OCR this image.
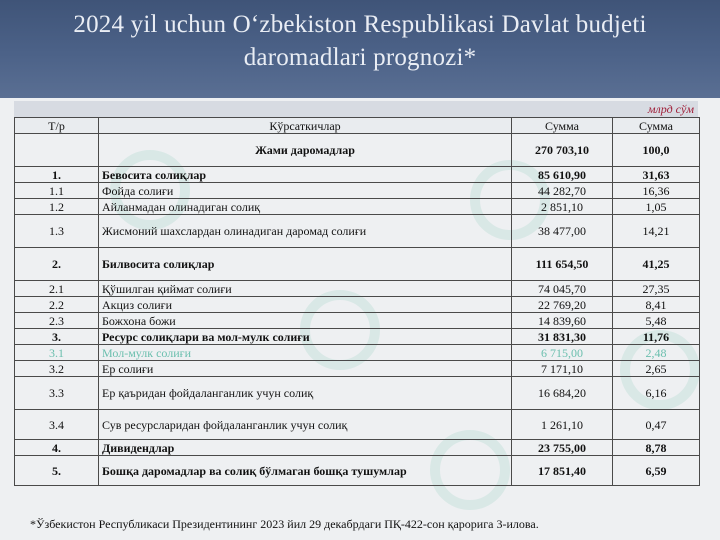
2024 yil uchun O‘zbekiston Respublikasi Davlat budjeti
daromadlari prognozi*
млрд сўм
Т/р	Кўрсаткичлар	Сумма	Сумма
	Жами даромадлар	270 703,10	100,0
1.	Бевосита солиқлар	85 610,90	31,63
1.1	Фойда солиғи	44 282,70	16,36
1.2	Айланмадан олинадиган солиқ	2 851,10	1,05
1.3	Жисмоний шахслардан олинадиган даромад солиғи	38 477,00	14,21
2.	Билвосита солиқлар	111 654,50	41,25
2.1	Қўшилган қиймат солиғи	74 045,70	27,35
2.2	Акциз солиғи	22 769,20	8,41
2.3	Божхона божи	14 839,60	5,48
3.	Ресурс солиқлари ва мол-мулк солиғи	31 831,30	11,76
3.1	Мол-мулк солиғи	6 715,00	2,48
3.2	Ер солиғи	7 171,10	2,65
3.3	Ер қаъридан фойдаланганлик учун солиқ	16 684,20	6,16
3.4	Сув ресурсларидан фойдаланганлик учун солиқ	1 261,10	0,47
4.	Дивидендлар	23 755,00	8,78
5.	Бошқа даромадлар ва солиқ бўлмаган бошқа тушумлар	17 851,40	6,59
*Ўзбекистон Республикаси Президентининг 2023 йил 29 декабрдаги ПҚ-422-сон қарорига 3-илова.
